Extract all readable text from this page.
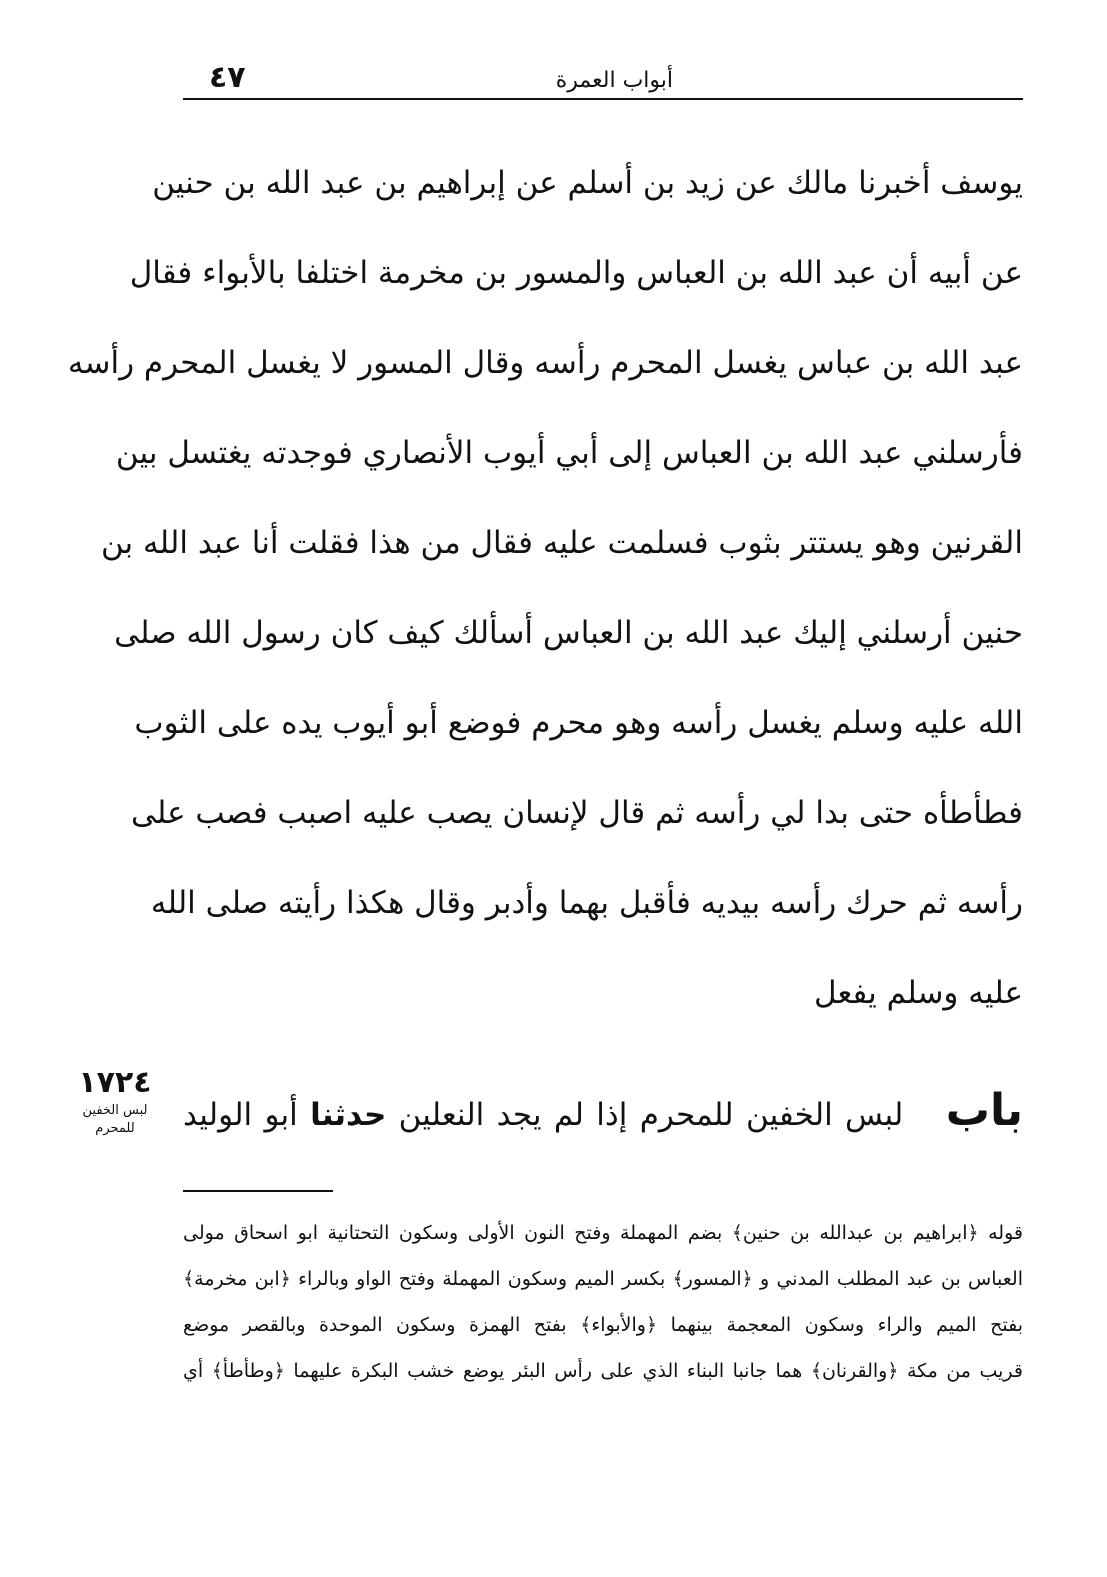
أبواب العمرة
٤٧
يوسف أخبرنا مالك عن زيد بن أسلم عن إبراهيم بن عبد الله بن حنين
عن أبيه أن عبد الله بن العباس والمسور بن مخرمة اختلفا بالأبواء فقال
عبد الله بن عباس يغسل المحرم رأسه وقال المسور لا يغسل المحرم رأسه
فأرسلني عبد الله بن العباس إلى أبي أيوب الأنصاري فوجدته يغتسل بين
القرنين وهو يستتر بثوب فسلمت عليه فقال من هذا فقلت أنا عبد الله بن
حنين أرسلني إليك عبد الله بن العباس أسألك كيف كان رسول الله صلى
الله عليه وسلم يغسل رأسه وهو محرم فوضع أبو أيوب يده على الثوب
فطأطأه حتى بدا لي رأسه ثم قال لإنسان يصب عليه اصبب فصب على
رأسه ثم حرك رأسه بيديه فأقبل بهما وأدبر وقال هكذا رأيته صلى الله
عليه وسلم يفعل
١٧٢٤
لبس الخفين
للمحرم	باب لبس الخفين للمحرم إذا لم يجد النعلين حدثنا أبو الوليد
قوله ﴿ابراهيم بن عبدالله بن حنين﴾ بضم المهملة وفتح النون الأولى وسكون التحتانية ابو اسحاق مولى
العباس بن عبد المطلب المدني و ﴿المسور﴾ بكسر الميم وسكون المهملة وفتح الواو وبالراء ﴿ابن مخرمة﴾
بفتح الميم والراء وسكون المعجمة بينهما ﴿والأبواء﴾ بفتح الهمزة وسكون الموحدة وبالقصر موضع
قريب من مكة ﴿والقرنان﴾ هما جانبا البناء الذي على رأس البئر يوضع خشب البكرة عليهما ﴿وطأطأ﴾ أي
